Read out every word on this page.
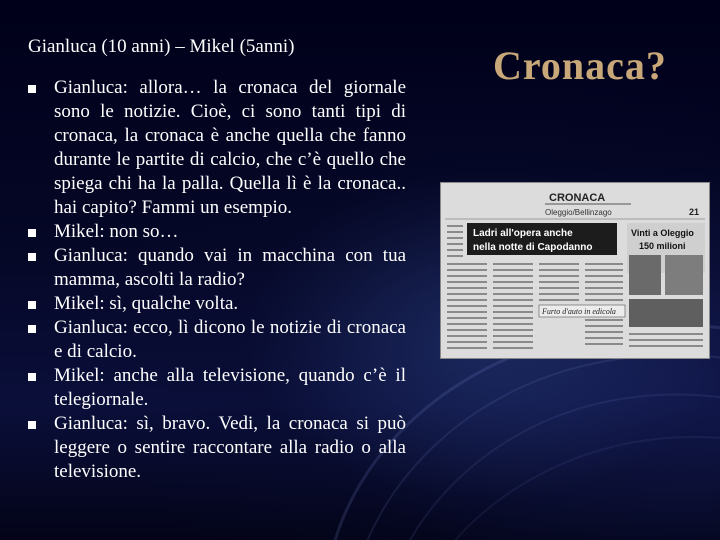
Gianluca (10 anni) – Mikel (5anni)	Cronaca?
Gianluca: allora… la cronaca del giornale sono le notizie. Cioè, ci sono tanti tipi di cronaca, la cronaca è anche quella che fanno durante le partite di calcio, che c’è quello che spiega chi ha la palla. Quella lì è la cronaca.. hai capito? Fammi un esempio.
Mikel: non so…
Gianluca: quando vai in macchina con tua mamma, ascolti la radio?
Mikel: sì, qualche volta.
Gianluca: ecco, lì dicono le notizie di cronaca e di calcio.
Mikel: anche alla televisione, quando c’è il telegiornale.
Gianluca: sì, bravo. Vedi, la cronaca si può leggere o sentire raccontare alla radio o alla televisione.
CRONACA
Oleggio/Bellinzago	21
Ladri all'opera anche
nella notte di Capodanno
Vinti a Oleggio
150 milioni
Furto d'auto in edicola
